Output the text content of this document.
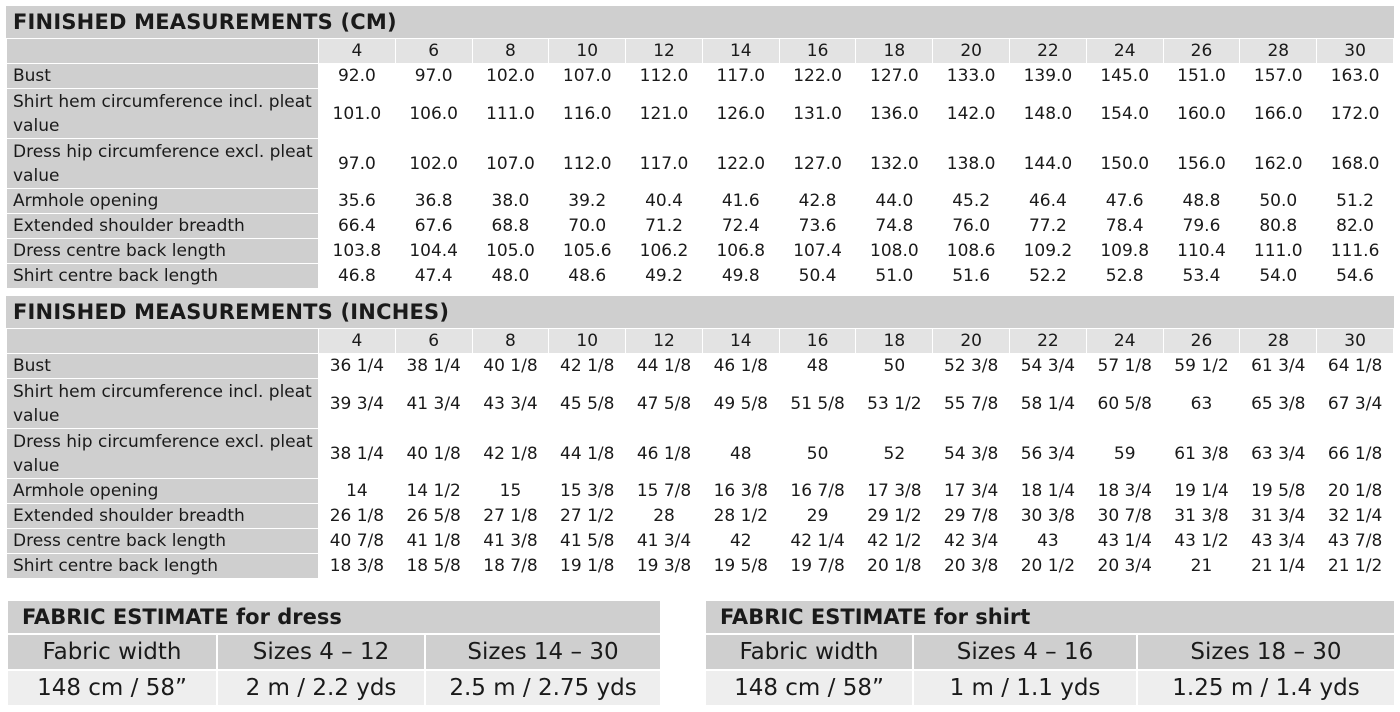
FINISHED MEASUREMENTS (CM)
	4	6	8	10	12	14	16	18	20	22	24	26	28	30
Bust	92.0	97.0	102.0	107.0	112.0	117.0	122.0	127.0	133.0	139.0	145.0	151.0	157.0	163.0
Shirt hem circumference incl. pleat value	101.0	106.0	111.0	116.0	121.0	126.0	131.0	136.0	142.0	148.0	154.0	160.0	166.0	172.0
Dress hip circumference excl. pleat value	97.0	102.0	107.0	112.0	117.0	122.0	127.0	132.0	138.0	144.0	150.0	156.0	162.0	168.0
Armhole opening	35.6	36.8	38.0	39.2	40.4	41.6	42.8	44.0	45.2	46.4	47.6	48.8	50.0	51.2
Extended shoulder breadth	66.4	67.6	68.8	70.0	71.2	72.4	73.6	74.8	76.0	77.2	78.4	79.6	80.8	82.0
Dress centre back length	103.8	104.4	105.0	105.6	106.2	106.8	107.4	108.0	108.6	109.2	109.8	110.4	111.0	111.6
Shirt centre back length	46.8	47.4	48.0	48.6	49.2	49.8	50.4	51.0	51.6	52.2	52.8	53.4	54.0	54.6
FINISHED MEASUREMENTS (INCHES)
	4	6	8	10	12	14	16	18	20	22	24	26	28	30
Bust	36 1/4	38 1/4	40 1/8	42 1/8	44 1/8	46 1/8	48	50	52 3/8	54 3/4	57 1/8	59 1/2	61 3/4	64 1/8
Shirt hem circumference incl. pleat value	39 3/4	41 3/4	43 3/4	45 5/8	47 5/8	49 5/8	51 5/8	53 1/2	55 7/8	58 1/4	60 5/8	63	65 3/8	67 3/4
Dress hip circumference excl. pleat value	38 1/4	40 1/8	42 1/8	44 1/8	46 1/8	48	50	52	54 3/8	56 3/4	59	61 3/8	63 3/4	66 1/8
Armhole opening	14	14 1/2	15	15 3/8	15 7/8	16 3/8	16 7/8	17 3/8	17 3/4	18 1/4	18 3/4	19 1/4	19 5/8	20 1/8
Extended shoulder breadth	26 1/8	26 5/8	27 1/8	27 1/2	28	28 1/2	29	29 1/2	29 7/8	30 3/8	30 7/8	31 3/8	31 3/4	32 1/4
Dress centre back length	40 7/8	41 1/8	41 3/8	41 5/8	41 3/4	42	42 1/4	42 1/2	42 3/4	43	43 1/4	43 1/2	43 3/4	43 7/8
Shirt centre back length	18 3/8	18 5/8	18 7/8	19 1/8	19 3/8	19 5/8	19 7/8	20 1/8	20 3/8	20 1/2	20 3/4	21	21 1/4	21 1/2
FABRIC ESTIMATE for dress		
Fabric width	Sizes 4 – 12	Sizes 14 – 30
148 cm / 58”	2 m / 2.2 yds	2.5 m / 2.75 yds
FABRIC ESTIMATE for shirt		
Fabric width	Sizes 4 – 16	Sizes 18 – 30
148 cm / 58”	1 m / 1.1 yds	1.25 m / 1.4 yds
